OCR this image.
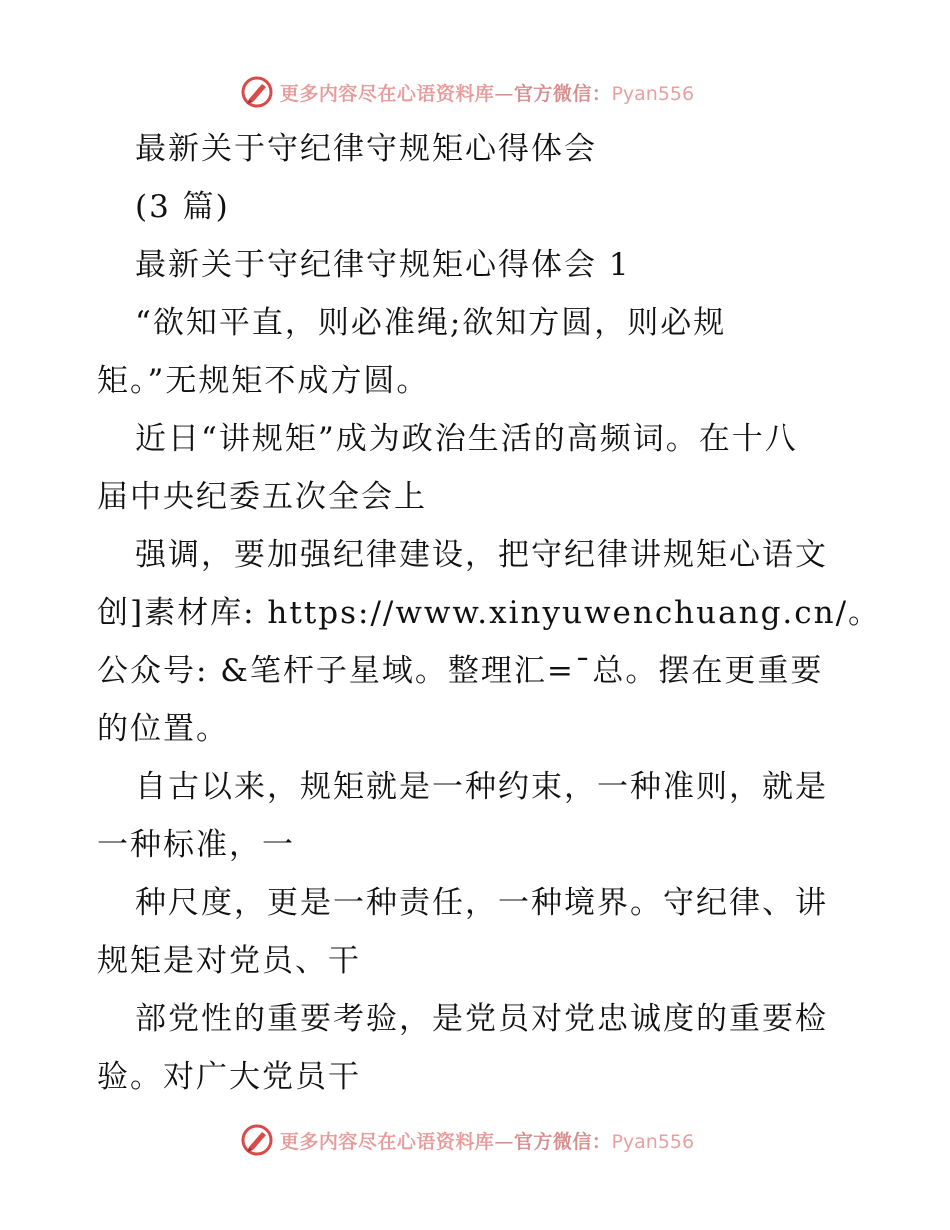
更多内容尽在心语资料库—官方微信：Pyan556
最新关于守纪律守规矩心得体会
(3 篇)
最新关于守纪律守规矩心得体会 1
“欲知平直，则必准绳;欲知方圆，则必规
矩。”无规矩不成方圆。
近日“讲规矩”成为政治生活的高频词。在十八
届中央纪委五次全会上
强调，要加强纪律建设，把守纪律讲规矩心语文
创]素材库: https://www.xinyuwenchuang.cn/。
公众号: &笔杆子星域。整理汇=¯总。摆在更重要
的位置。
自古以来，规矩就是一种约束，一种准则，就是
一种标准，一
种尺度，更是一种责任，一种境界。守纪律、讲
规矩是对党员、干
部党性的重要考验，是党员对党忠诚度的重要检
验。对广大党员干
更多内容尽在心语资料库—官方微信：Pyan556
